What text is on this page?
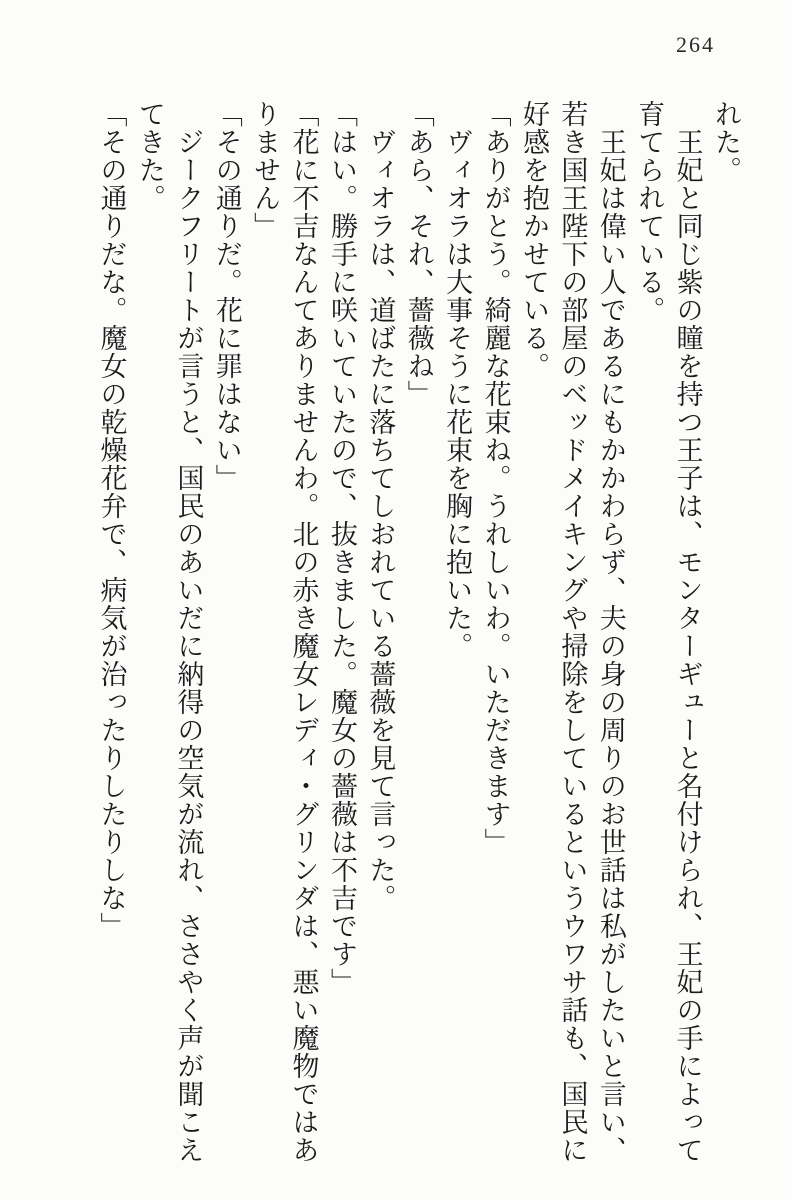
264

れた。

　王妃と同じ紫の瞳を持つ王子は、モンターギューと名付けられ、王妃の手によって

育てられている。

　王妃は偉い人であるにもかかわらず、夫の身の周りのお世話は私がしたいと言い、

若き国王陛下の部屋のベッドメイキングや掃除をしているというウワサ話も、国民に

好感を抱かせている。

「ありがとう。綺麗な花束ね。うれしいわ。いただきます」

　ヴィオラは大事そうに花束を胸に抱いた。

「あら、それ、薔薇ね」

　ヴィオラは、道ばたに落ちてしおれている薔薇を見て言った。

「はい。勝手に咲いていたので、抜きました。魔女の薔薇は不吉です」

「花に不吉なんてありませんわ。北の赤き魔女レディ・グリンダは、悪い魔物ではあ

りません」

「その通りだ。花に罪はない」

　ジークフリートが言うと、国民のあいだに納得の空気が流れ、ささやく声が聞こえ

てきた。

「その通りだな。魔女の乾燥花弁で、病気が治ったりしたりしな」
